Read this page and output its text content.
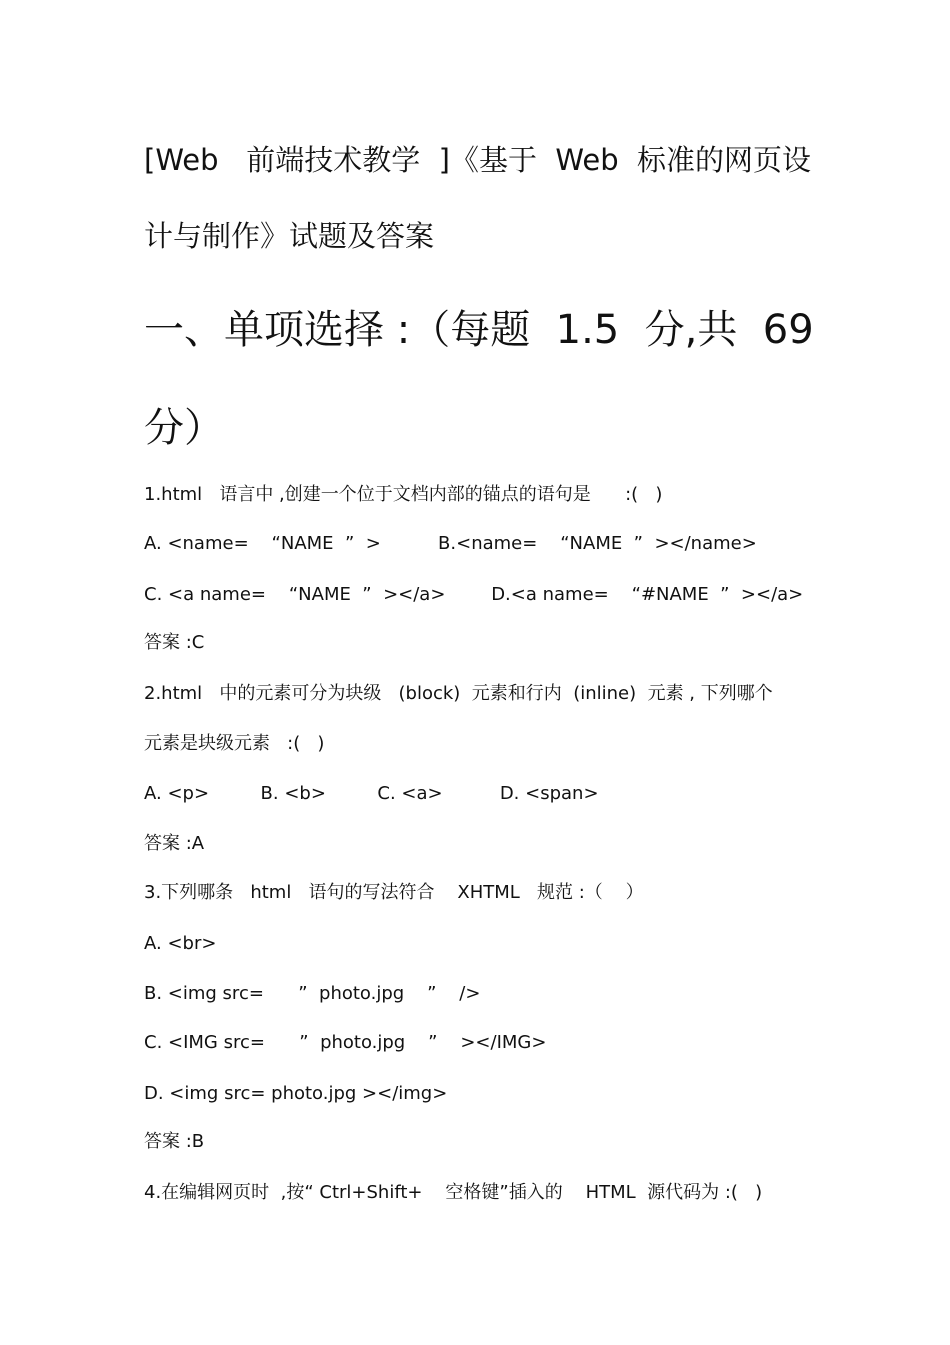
[Web   前端技术教学  ]《基于  Web  标准的网页设
计与制作》试题及答案
一、单项选择 :（每题  1.5  分,共  69
分）
1.html   语言中 ,创建一个位于文档内部的锚点的语句是      :(   )
A. <name=    “NAME  ”  >          B.<name=    “NAME  ”  ></name>
C. <a name=    “NAME  ”  ></a>        D.<a name=    “#NAME  ”  ></a>
答案 :C
2.html   中的元素可分为块级   (block)  元素和行内  (inline)  元素 , 下列哪个
元素是块级元素   :(   )
A. <p>         B. <b>         C. <a>          D. <span>
答案 :A
3.下列哪条   html   语句的写法符合    XHTML   规范 :（    ）
A. <br>
B. <img src=      ”  photo.jpg    ”    />
C. <IMG src=      ”  photo.jpg    ”    ></IMG>
D. <img src= photo.jpg ></img>
答案 :B
4.在编辑网页时  ,按“ Ctrl+Shift+    空格键”插入的    HTML  源代码为 :(   )
